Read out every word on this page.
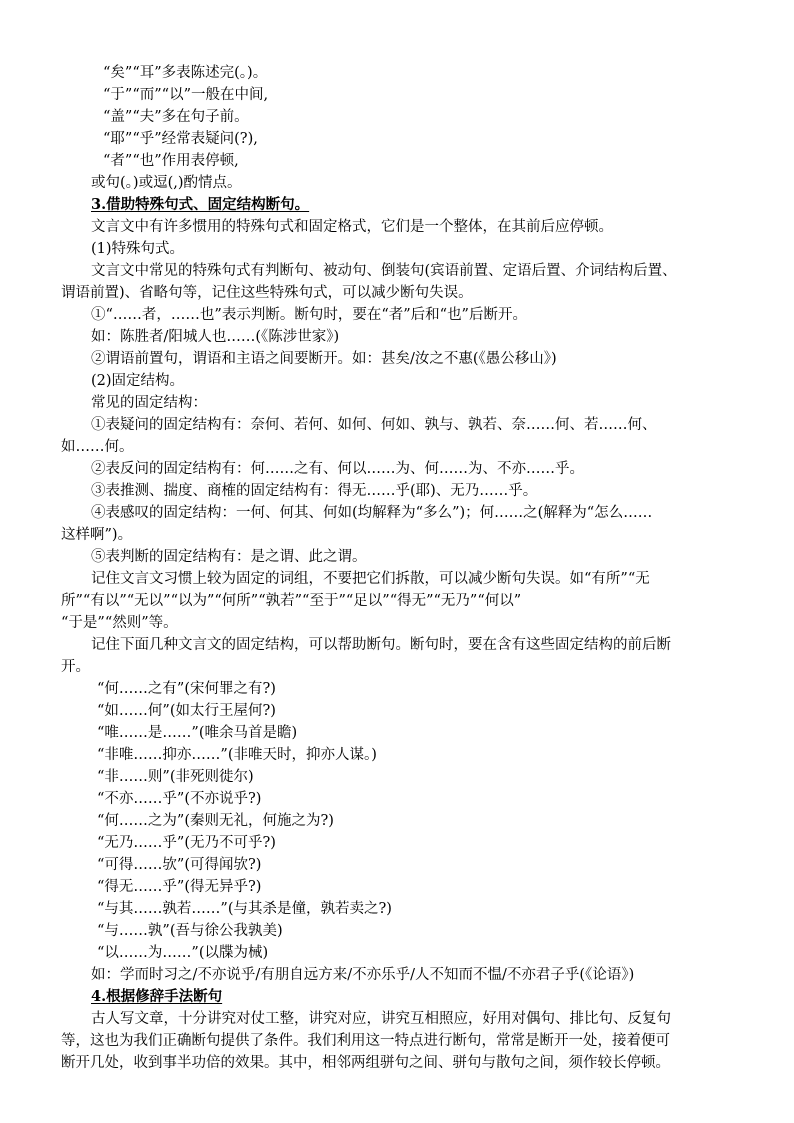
“矣”“耳”多表陈述完(。)。
“于”“而”“以”一般在中间,
“盖”“夫”多在句子前。
“耶”“乎”经常表疑问(?),
“者”“也”作用表停顿,
或句(。)或逗(,)酌情点。
3.借助特殊句式、固定结构断句。
文言文中有许多惯用的特殊句式和固定格式，它们是一个整体，在其前后应停顿。
(1)特殊句式。
文言文中常见的特殊句式有判断句、被动句、倒装句(宾语前置、定语后置、介词结构后置、
谓语前置)、省略句等，记住这些特殊句式，可以减少断句失误。
①“……者，……也”表示判断。断句时，要在“者”后和“也”后断开。
如：陈胜者/阳城人也……(《陈涉世家》)
②谓语前置句，谓语和主语之间要断开。如：甚矣/汝之不惠(《愚公移山》)
(2)固定结构。
常见的固定结构：
①表疑问的固定结构有：奈何、若何、如何、何如、孰与、孰若、奈……何、若……何、
如……何。
②表反问的固定结构有：何……之有、何以……为、何……为、不亦……乎。
③表推测、揣度、商榷的固定结构有：得无……乎(耶)、无乃……乎。
④表感叹的固定结构：一何、何其、何如(均解释为“多么”)；何……之(解释为“怎么……
这样啊”)。
⑤表判断的固定结构有：是之谓、此之谓。
记住文言文习惯上较为固定的词组，不要把它们拆散，可以减少断句失误。如“有所”“无
所”“有以”“无以”“以为”“何所”“孰若”“至于”“足以”“得无”“无乃”“何以”
“于是”“然则”等。
记住下面几种文言文的固定结构，可以帮助断句。断句时，要在含有这些固定结构的前后断
开。
“何……之有”(宋何罪之有?)
“如……何”(如太行王屋何?)
“唯……是……”(唯余马首是瞻)
“非唯……抑亦……”(非唯天时，抑亦人谋。)
“非……则”(非死则徙尔)
“不亦……乎”(不亦说乎?)
“何……之为”(秦则无礼，何施之为?)
“无乃……乎”(无乃不可乎?)
“可得……欤”(可得闻欤?)
“得无……乎”(得无异乎?)
“与其……孰若……”(与其杀是僮，孰若卖之?)
“与……孰”(吾与徐公我孰美)
“以……为……”(以牒为械)
如：学而时习之/不亦说乎/有朋自远方来/不亦乐乎/人不知而不愠/不亦君子乎(《论语》)
4.根据修辞手法断句
古人写文章，十分讲究对仗工整，讲究对应，讲究互相照应，好用对偶句、排比句、反复句
等，这也为我们正确断句提供了条件。我们利用这一特点进行断句，常常是断开一处，接着便可
断开几处，收到事半功倍的效果。其中，相邻两组骈句之间、骈句与散句之间，须作较长停顿。
